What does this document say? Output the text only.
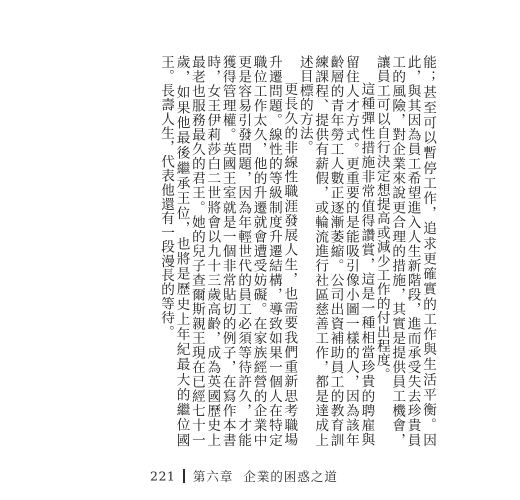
能；甚至可以暫停工作，追求更確實的工作與生活平衡。因此，與其因為員工希望進入人生新階段，進而承受失去珍貴員工的風險，對企業來說更合理的措施，其實是提供員工機會，讓員工可以自行決定想提高或減少工作的付出程度。

這種彈性措施非常值得讚賞，這是一種相當珍貴的聘雇與留住人才方式。更重要的是能吸引像小圖一樣的人，因為該年齡層的青年勞工人數正逐漸萎縮。公司出資補助員工的教育訓練課程、提供有薪假，或輪流進行社區慈善工作，都是達成上述目標的方法。

更長久的非線性職涯發展人生，也需要我們重新思考職場升遷問題。線性的等級制度升遷結構，導致如果一個人在特定職位工作太久，他的升遷就會遭受妨礙。在家族經營的企業中更是容易引發問題，因為年輕世代的員工必須等待許久，才能獲得管理權。英國王室就是一個非常貼切的例子，在寫作本書時，女王伊莉莎白二世將會以九十三歲高齡，成為英國歷史上最老也服務最久的君王。她的兒子查爾斯親王現在已經七十一歲，如果他最後繼承王位，也將是歷史上年紀最大的繼位國王。長壽人生，代表他還有一段漫長的等待。

221 第六章 企業的困惑之道
